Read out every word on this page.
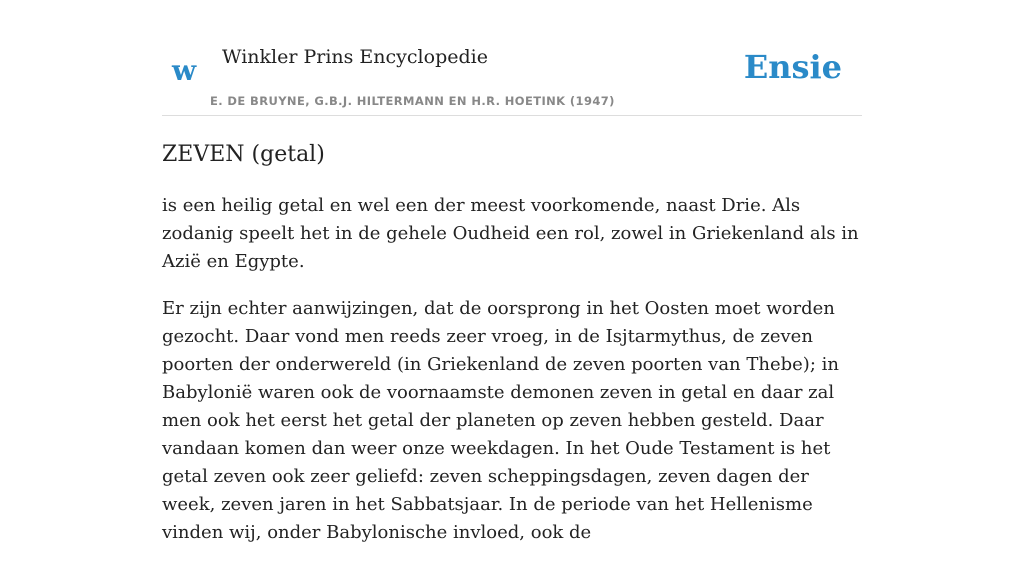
w Winkler Prins Encyclopedie
E. DE BRUYNE, G.B.J. HILTERMANN EN H.R. HOETINK (1947)
Ensie
ZEVEN (getal)

is een heilig getal en wel een der meest voorkomende, naast Drie. Als zodanig speelt het in de gehele Oudheid een rol, zowel in Griekenland als in Azië en Egypte.

Er zijn echter aanwijzingen, dat de oorsprong in het Oosten moet worden gezocht. Daar vond men reeds zeer vroeg, in de Isjtarmythus, de zeven poorten der onderwereld (in Griekenland de zeven poorten van Thebe); in Babylonië waren ook de voornaamste demonen zeven in getal en daar zal men ook het eerst het getal der planeten op zeven hebben gesteld. Daar vandaan komen dan weer onze weekdagen. In het Oude Testament is het getal zeven ook zeer geliefd: zeven scheppingsdagen, zeven dagen der week, zeven jaren in het Sabbatsjaar. In de periode van het Hellenisme vinden wij, onder Babylonische invloed, ook de
